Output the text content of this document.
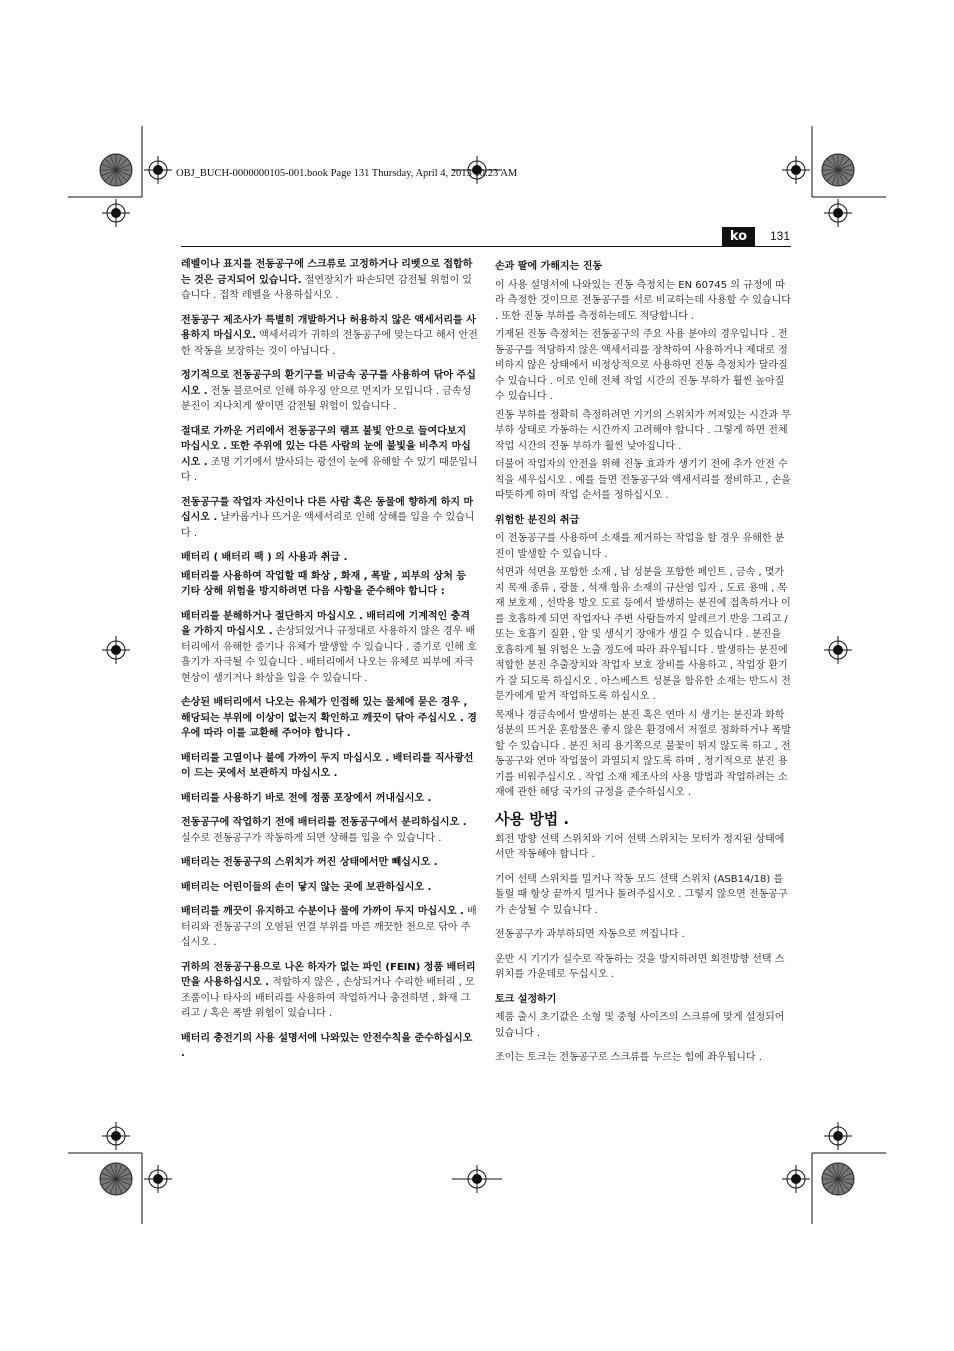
OBJ_BUCH-0000000105-001.book Page 131 Thursday, April 4, 2013 10:23 AM
ko	131

레벨이나 표지를 전동공구에 스크류로 고정하거나 리벳으로 접합하는 것은 금지되어 있습니다. 절연장치가 파손되면 감전될 위험이 있습니다 . 접착 레벨을 사용하십시오 .

전동공구 제조사가 특별히 개발하거나 허용하지 않은 액세서리를 사용하지 마십시오. 액세서리가 귀하의 전동공구에 맞는다고 해서 안전한 작동을 보장하는 것이 아닙니다 .

정기적으로 전동공구의 환기구를 비금속 공구를 사용하여 닦아 주십시오 . 전동 블로어로 인해 하우징 안으로 먼지가 모입니다 . 금속성 분진이 지나치게 쌓이면 감전될 위험이 있습니다 .

절대로 가까운 거리에서 전동공구의 램프 불빛 안으로 들여다보지 마십시오 . 또한 주위에 있는 다른 사람의 눈에 불빛을 비추지 마십시오 . 조명 기기에서 발사되는 광선이 눈에 유해할 수 있기 때문입니다 .

전동공구를 작업자 자신이나 다른 사람 혹은 동물에 향하게 하지 마십시오 . 날카롭거나 뜨거운 액세서리로 인해 상해를 입을 수 있습니다 .

배터리 ( 배터리 팩 ) 의 사용과 취급 .

배터리를 사용하여 작업할 때 화상 , 화재 , 폭발 , 피부의 상처 등 기타 상해 위험을 방지하려면 다음 사항을 준수해야 합니다 :

배터리를 분해하거나 절단하지 마십시오 . 배터리에 기계적인 충격을 가하지 마십시오 . 손상되었거나 규정대로 사용하지 않은 경우 배터리에서 유해한 증기나 유체가 발생할 수 있습니다 . 증기로 인해 호흡기가 자극될 수 있습니다 . 배터리에서 나오는 유체로 피부에 자극 현상이 생기거나 화상을 입을 수 있습니다 .

손상된 배터리에서 나오는 유체가 인접해 있는 물체에 묻은 경우 , 해당되는 부위에 이상이 없는지 확인하고 깨끗이 닦아 주십시오 . 경우에 따라 이를 교환해 주어야 합니다 .

배터리를 고열이나 불에 가까이 두지 마십시오 . 배터리를 직사광선이 드는 곳에서 보관하지 마십시오 .

배터리를 사용하기 바로 전에 정품 포장에서 꺼내십시오 .

전동공구에 작업하기 전에 배터리를 전동공구에서 분리하십시오 . 실수로 전동공구가 작동하게 되면 상해를 입을 수 있습니다 .

배터리는 전동공구의 스위치가 꺼진 상태에서만 빼십시오 .

배터리는 어린이들의 손이 닿지 않는 곳에 보관하십시오 .

배터리를 깨끗이 유지하고 수분이나 물에 가까이 두지 마십시오 . 배터리와 전동공구의 오염된 연결 부위를 마른 깨끗한 천으로 닦아 주십시오 .

귀하의 전동공구용으로 나온 하자가 없는 파인 (FEIN) 정품 배터리만을 사용하십시오 . 적합하지 않은 , 손상되거나 수리한 배터리 , 모조품이나 타사의 배터리를 사용하여 작업하거나 충전하면 , 화재 그리고 / 혹은 폭발 위험이 있습니다 .

배터리 충전기의 사용 설명서에 나와있는 안전수칙을 준수하십시오 .

손과 팔에 가해지는 진동

이 사용 설명서에 나와있는 진동 측정치는 EN 60745 의 규정에 따라 측정한 것이므로 전동공구를 서로 비교하는데 사용할 수 있습니다 . 또한 진동 부하를 측정하는데도 적당합니다 .

기재된 진동 측정치는 전동공구의 주요 사용 분야의 경우입니다 . 전동공구를 적당하지 않은 액세서리를 장착하여 사용하거나 제대로 정비하지 않은 상태에서 비정상적으로 사용하면 진동 측정치가 달라질 수 있습니다 . 이로 인해 전체 작업 시간의 진동 부하가 훨씬 높아질 수 있습니다 .

진동 부하를 정확히 측정하려면 기기의 스위치가 꺼져있는 시간과 무부하 상태로 가동하는 시간까지 고려해야 합니다 . 그렇게 하면 전체 작업 시간의 진동 부하가 훨씬 낮아집니다 .

더불어 작업자의 안전을 위해 진동 효과가 생기기 전에 추가 안전 수칙을 세우십시오 . 예를 들면 전동공구와 액세서리를 정비하고 , 손을 따뜻하게 하며 작업 순서를 정하십시오 .

위험한 분진의 취급

이 전동공구를 사용하여 소재를 제거하는 작업을 할 경우 유해한 분진이 발생할 수 있습니다 .

석면과 석면을 포함한 소재 , 납 성분을 포함한 페인트 , 금속 , 몇가지 목재 종류 , 광물 , 석재 함유 소재의 규산염 입자 , 도료 용매 , 목재 보호제 , 선박용 방오 도료 등에서 발생하는 분진에 접촉하거나 이를 호흡하게 되면 작업자나 주변 사람들까지 알레르기 반응 그리고 / 또는 호흡기 질환 , 암 및 생식기 장애가 생길 수 있습니다 . 분진을 호흡하게 될 위험은 노출 정도에 따라 좌우됩니다 . 발생하는 분진에 적합한 분진 추출장치와 작업자 보호 장비를 사용하고 , 작업장 환기가 잘 되도록 하십시오 . 아스베스트 성분을 함유한 소재는 반드시 전문가에게 맡겨 작업하도록 하십시오 .

목재나 경금속에서 발생하는 분진 혹은 연마 시 생기는 분진과 화학 성분의 뜨거운 혼합물은 좋지 않은 환경에서 저절로 점화하거나 폭발할 수 있습니다 . 분진 처리 용기쪽으로 불꽃이 튀지 않도록 하고 , 전동공구와 연마 작업물이 과열되지 않도록 하며 , 정기적으로 분진 용기를 비워주십시오 . 작업 소재 제조사의 사용 방법과 작업하려는 소재에 관한 해당 국가의 규정을 준수하십시오 .

사용 방법 .

회전 방향 선택 스위치와 기어 선택 스위치는 모터가 정지된 상태에서만 작동해야 합니다 .

기어 선택 스위치를 밀거나 작동 모드 선택 스위치 (ASB14/18) 를 돌릴 때 항상 끝까지 밀거나 돌려주십시오 . 그렇지 않으면 전동공구가 손상될 수 있습니다 .

전동공구가 과부하되면 자동으로 꺼집니다 .

운반 시 기기가 실수로 작동하는 것을 방지하려면 회전방향 선택 스위치를 가운데로 두십시오 .

토크 설정하기

제품 출시 초기값은 소형 및 중형 사이즈의 스크류에 맞게 설정되어 있습니다 .

조이는 토크는 전동공구로 스크류를 누르는 힘에 좌우됩니다 .
